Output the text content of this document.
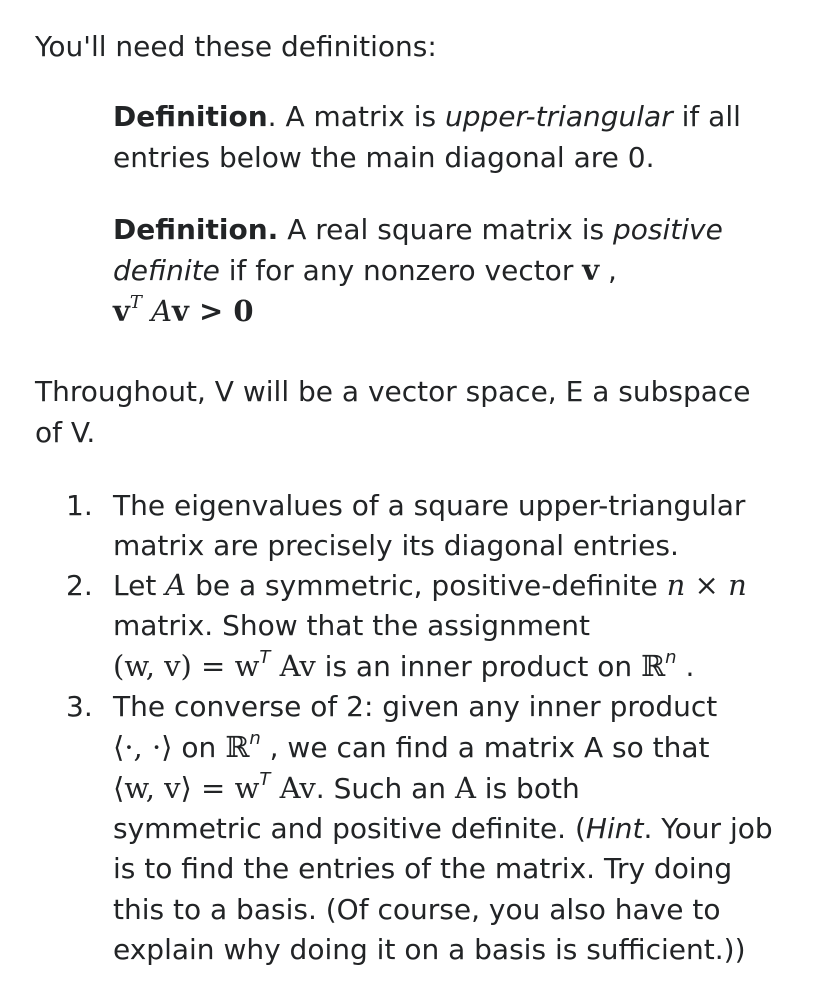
You'll need these definitions:
Definition. A matrix is upper-triangular if all
entries below the main diagonal are 0.
Definition. A real square matrix is positive
definite if for any nonzero vector v ,
$v^T$ Av > 0
Throughout, V will be a vector space, E a subspace
of V.
1. The eigenvalues of a square upper-triangular
matrix are precisely its diagonal entries.
2. Let A be a symmetric, positive-definite n × n
matrix. Show that the assignment
(w, $v) = w^T$ Av is an inner product on ℝ$^n$ .
3. The converse of 2: given any inner product
⟨·, ·⟩ on ℝ$^n$ , we can find a matrix A so that
⟨w, v⟩ = $w^T$ Av. Such an A is both
symmetric and positive definite. (Hint. Your job
is to find the entries of the matrix. Try doing
this to a basis. (Of course, you also have to
explain why doing it on a basis is sufficient.))
